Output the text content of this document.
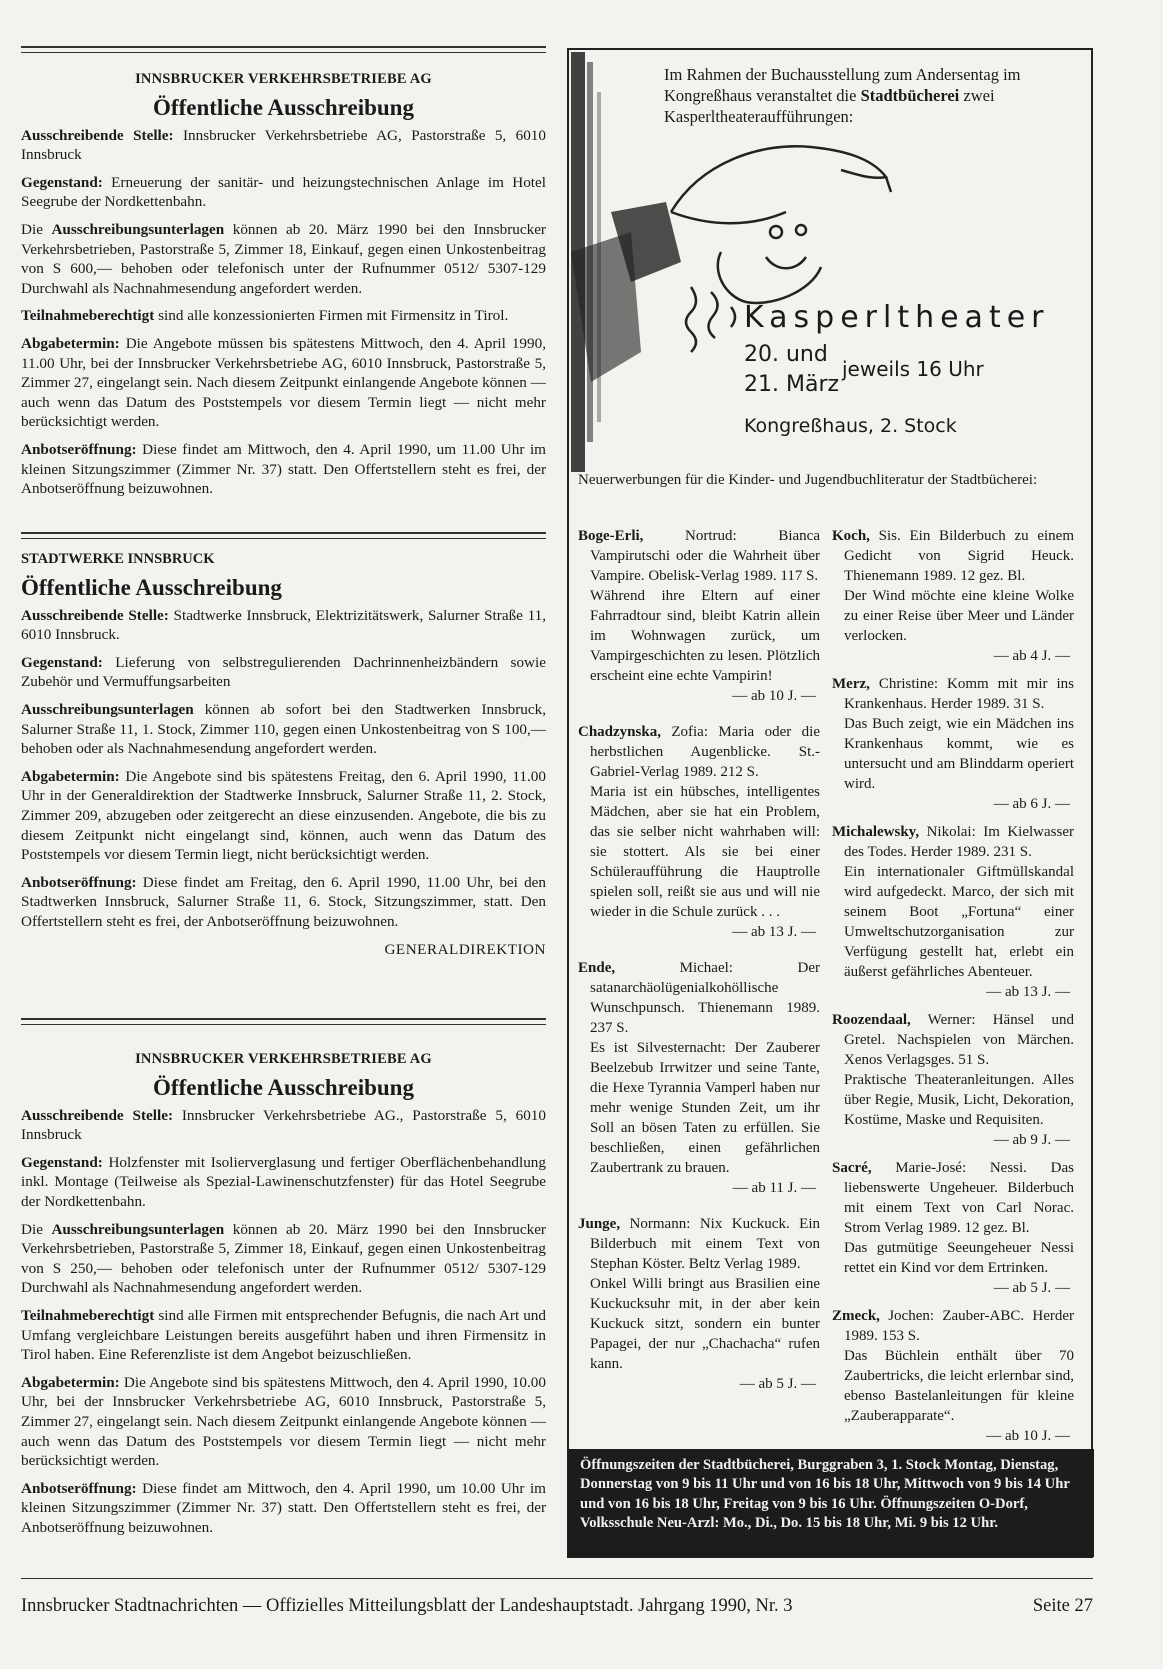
INNSBRUCKER VERKEHRSBETRIEBE AG
Öffentliche Ausschreibung

Ausschreibende Stelle: Innsbrucker Verkehrsbetriebe AG, Pastorstraße 5, 6010 Innsbruck

Gegenstand: Erneuerung der sanitär- und heizungstechnischen Anlage im Hotel Seegrube der Nordkettenbahn.

Die Ausschreibungsunterlagen können ab 20. März 1990 bei den Innsbrucker Verkehrsbetrieben, Pastorstraße 5, Zimmer 18, Einkauf, gegen einen Unkostenbeitrag von S 600,— behoben oder telefonisch unter der Rufnummer 0512/ 5307-129 Durchwahl als Nachnahmesendung angefordert werden.

Teilnahmeberechtigt sind alle konzessionierten Firmen mit Firmensitz in Tirol.

Abgabetermin: Die Angebote müssen bis spätestens Mittwoch, den 4. April 1990, 11.00 Uhr, bei der Innsbrucker Verkehrsbetriebe AG, 6010 Innsbruck, Pastorstraße 5, Zimmer 27, eingelangt sein. Nach diesem Zeitpunkt einlangende Angebote können — auch wenn das Datum des Poststempels vor diesem Termin liegt — nicht mehr berücksichtigt werden.

Anbotseröffnung: Diese findet am Mittwoch, den 4. April 1990, um 11.00 Uhr im kleinen Sitzungszimmer (Zimmer Nr. 37) statt. Den Offertstellern steht es frei, der Anbotseröffnung beizuwohnen.

STADTWERKE INNSBRUCK
Öffentliche Ausschreibung

Ausschreibende Stelle: Stadtwerke Innsbruck, Elektrizitätswerk, Salurner Straße 11, 6010 Innsbruck.

Gegenstand: Lieferung von selbstregulierenden Dachrinnenheizbändern sowie Zubehör und Vermuffungsarbeiten

Ausschreibungsunterlagen können ab sofort bei den Stadtwerken Innsbruck, Salurner Straße 11, 1. Stock, Zimmer 110, gegen einen Unkostenbeitrag von S 100,— behoben oder als Nachnahmesendung angefordert werden.

Abgabetermin: Die Angebote sind bis spätestens Freitag, den 6. April 1990, 11.00 Uhr in der Generaldirektion der Stadtwerke Innsbruck, Salurner Straße 11, 2. Stock, Zimmer 209, abzugeben oder zeitgerecht an diese einzusenden. Angebote, die bis zu diesem Zeitpunkt nicht eingelangt sind, können, auch wenn das Datum des Poststempels vor diesem Termin liegt, nicht berücksichtigt werden.

Anbotseröffnung: Diese findet am Freitag, den 6. April 1990, 11.00 Uhr, bei den Stadtwerken Innsbruck, Salurner Straße 11, 6. Stock, Sitzungszimmer, statt. Den Offertstellern steht es frei, der Anbotseröffnung beizuwohnen.

GENERALDIREKTION
INNSBRUCKER VERKEHRSBETRIEBE AG
Öffentliche Ausschreibung

Ausschreibende Stelle: Innsbrucker Verkehrsbetriebe AG., Pastorstraße 5, 6010 Innsbruck

Gegenstand: Holzfenster mit Isolierverglasung und fertiger Oberflächenbehandlung inkl. Montage (Teilweise als Spezial-Lawinenschutzfenster) für das Hotel Seegrube der Nordkettenbahn.

Die Ausschreibungsunterlagen können ab 20. März 1990 bei den Innsbrucker Verkehrsbetrieben, Pastorstraße 5, Zimmer 18, Einkauf, gegen einen Unkostenbeitrag von S 250,— behoben oder telefonisch unter der Rufnummer 0512/ 5307-129 Durchwahl als Nachnahmesendung angefordert werden.

Teilnahmeberechtigt sind alle Firmen mit entsprechender Befugnis, die nach Art und Umfang vergleichbare Leistungen bereits ausgeführt haben und ihren Firmensitz in Tirol haben. Eine Referenzliste ist dem Angebot beizuschließen.

Abgabetermin: Die Angebote sind bis spätestens Mittwoch, den 4. April 1990, 10.00 Uhr, bei der Innsbrucker Verkehrsbetriebe AG, 6010 Innsbruck, Pastorstraße 5, Zimmer 27, eingelangt sein. Nach diesem Zeitpunkt einlangende Angebote können — auch wenn das Datum des Poststempels vor diesem Termin liegt — nicht mehr berücksichtigt werden.

Anbotseröffnung: Diese findet am Mittwoch, den 4. April 1990, um 10.00 Uhr im kleinen Sitzungszimmer (Zimmer Nr. 37) statt. Den Offertstellern steht es frei, der Anbotseröffnung beizuwohnen.

Im Rahmen der Buchausstellung zum Andersentag im Kongreßhaus veranstaltet die Stadtbücherei zwei Kasperltheateraufführungen:
Kasperltheater
20. und
21. März
jeweils 16 Uhr
Kongreßhaus, 2. Stock
Neuerwerbungen für die Kinder- und Jugendbuchliteratur der Stadtbücherei:
Boge-Erli, Nortrud: Bianca Vampirutschi oder die Wahrheit über Vampire. Obelisk-Verlag 1989. 117 S.
Während ihre Eltern auf einer Fahrradtour sind, bleibt Katrin allein im Wohnwagen zurück, um Vampirgeschichten zu lesen. Plötzlich erscheint eine echte Vampirin!
— ab 10 J. —
Chadzynska, Zofia: Maria oder die herbstlichen Augenblicke. St.-Gabriel-Verlag 1989. 212 S.
Maria ist ein hübsches, intelligentes Mädchen, aber sie hat ein Problem, das sie selber nicht wahrhaben will: sie stottert. Als sie bei einer Schüleraufführung die Hauptrolle spielen soll, reißt sie aus und will nie wieder in die Schule zurück . . .
— ab 13 J. —
Ende, Michael: Der satanarchäolügenialkohöllische Wunschpunsch. Thienemann 1989. 237 S.
Es ist Silvesternacht: Der Zauberer Beelzebub Irrwitzer und seine Tante, die Hexe Tyrannia Vamperl haben nur mehr wenige Stunden Zeit, um ihr Soll an bösen Taten zu erfüllen. Sie beschließen, einen gefährlichen Zaubertrank zu brauen.
— ab 11 J. —
Junge, Normann: Nix Kuckuck. Ein Bilderbuch mit einem Text von Stephan Köster. Beltz Verlag 1989.
Onkel Willi bringt aus Brasilien eine Kuckucksuhr mit, in der aber kein Kuckuck sitzt, sondern ein bunter Papagei, der nur „Chachacha“ rufen kann.
— ab 5 J. —
Koch, Sis. Ein Bilderbuch zu einem Gedicht von Sigrid Heuck. Thienemann 1989. 12 gez. Bl.
Der Wind möchte eine kleine Wolke zu einer Reise über Meer und Länder verlocken.
— ab 4 J. —
Merz, Christine: Komm mit mir ins Krankenhaus. Herder 1989. 31 S.
Das Buch zeigt, wie ein Mädchen ins Krankenhaus kommt, wie es untersucht und am Blinddarm operiert wird.
— ab 6 J. —
Michalewsky, Nikolai: Im Kielwasser des Todes. Herder 1989. 231 S.
Ein internationaler Giftmüllskandal wird aufgedeckt. Marco, der sich mit seinem Boot „Fortuna“ einer Umweltschutzorganisation zur Verfügung gestellt hat, erlebt ein äußerst gefährliches Abenteuer.
— ab 13 J. —
Roozendaal, Werner: Hänsel und Gretel. Nachspielen von Märchen. Xenos Verlagsges. 51 S.
Praktische Theateranleitungen. Alles über Regie, Musik, Licht, Dekoration, Kostüme, Maske und Requisiten.
— ab 9 J. —
Sacré, Marie-José: Nessi. Das liebenswerte Ungeheuer. Bilderbuch mit einem Text von Carl Norac. Strom Verlag 1989. 12 gez. Bl.
Das gutmütige Seeungeheuer Nessi rettet ein Kind vor dem Ertrinken.
— ab 5 J. —
Zmeck, Jochen: Zauber-ABC. Herder 1989. 153 S.
Das Büchlein enthält über 70 Zaubertricks, die leicht erlernbar sind, ebenso Bastelanleitungen für kleine „Zauberapparate“.
— ab 10 J. —
Öffnungszeiten der Stadtbücherei, Burggraben 3, 1. Stock Montag, Dienstag, Donnerstag von 9 bis 11 Uhr und von 16 bis 18 Uhr, Mittwoch von 9 bis 14 Uhr und von 16 bis 18 Uhr, Freitag von 9 bis 16 Uhr. Öffnungszeiten O-Dorf, Volksschule Neu-Arzl: Mo., Di., Do. 15 bis 18 Uhr, Mi. 9 bis 12 Uhr.
Innsbrucker Stadtnachrichten — Offizielles Mitteilungsblatt der Landeshauptstadt. Jahrgang 1990, Nr. 3	Seite 27
